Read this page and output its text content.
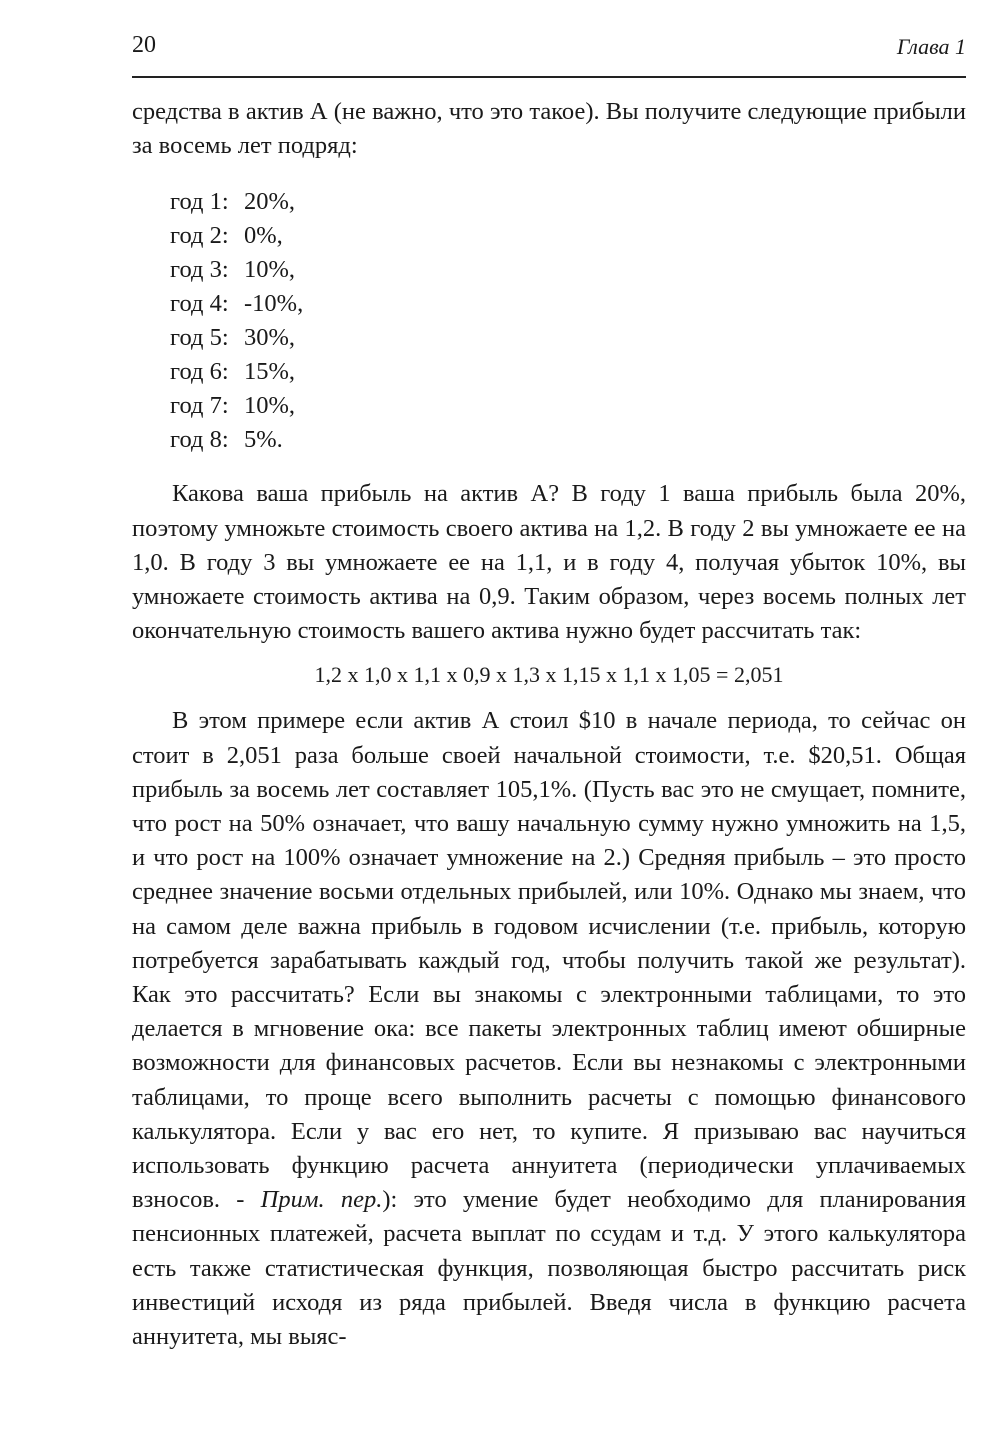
20	Глава 1

средства в актив А (не важно, что это такое). Вы получите следующие прибыли за восемь лет подряд:

год 1: 20%,
год 2: 0%,
год 3: 10%,
год 4: -10%,
год 5: 30%,
год 6: 15%,
год 7: 10%,
год 8: 5%.

Какова ваша прибыль на актив А? В году 1 ваша прибыль была 20%, поэтому умножьте стоимость своего актива на 1,2. В году 2 вы умножаете ее на 1,0. В году 3 вы умножаете ее на 1,1, и в году 4, получая убыток 10%, вы умножаете стоимость актива на 0,9. Таким образом, через восемь полных лет окончательную стоимость вашего актива нужно будет рассчитать так:

1,2 x 1,0 x 1,1 x 0,9 x 1,3 x 1,15 x 1,1 x 1,05 = 2,051

В этом примере если актив А стоил $10 в начале периода, то сейчас он стоит в 2,051 раза больше своей начальной стоимости, т.е. $20,51. Общая прибыль за восемь лет составляет 105,1%. (Пусть вас это не смущает, помните, что рост на 50% означает, что вашу начальную сумму нужно умножить на 1,5, и что рост на 100% означает умножение на 2.) Средняя прибыль – это просто среднее значение восьми отдельных прибылей, или 10%. Однако мы знаем, что на самом деле важна прибыль в годовом исчислении (т.е. прибыль, которую потребуется зарабатывать каждый год, чтобы получить такой же результат). Как это рассчитать? Если вы знакомы с электронными таблицами, то это делается в мгновение ока: все пакеты электронных таблиц имеют обширные возможности для финансовых расчетов. Если вы незнакомы с электронными таблицами, то проще всего выполнить расчеты с помощью финансового калькулятора. Если у вас его нет, то купите. Я призываю вас научиться использовать функцию расчета аннуитета (периодически уплачиваемых взносов. - Прим. пер.): это умение будет необходимо для планирования пенсионных платежей, расчета выплат по ссудам и т.д. У этого калькулятора есть также статистическая функция, позволяющая быстро рассчитать риск инвестиций исходя из ряда прибылей. Введя числа в функцию расчета аннуитета, мы выяс-
